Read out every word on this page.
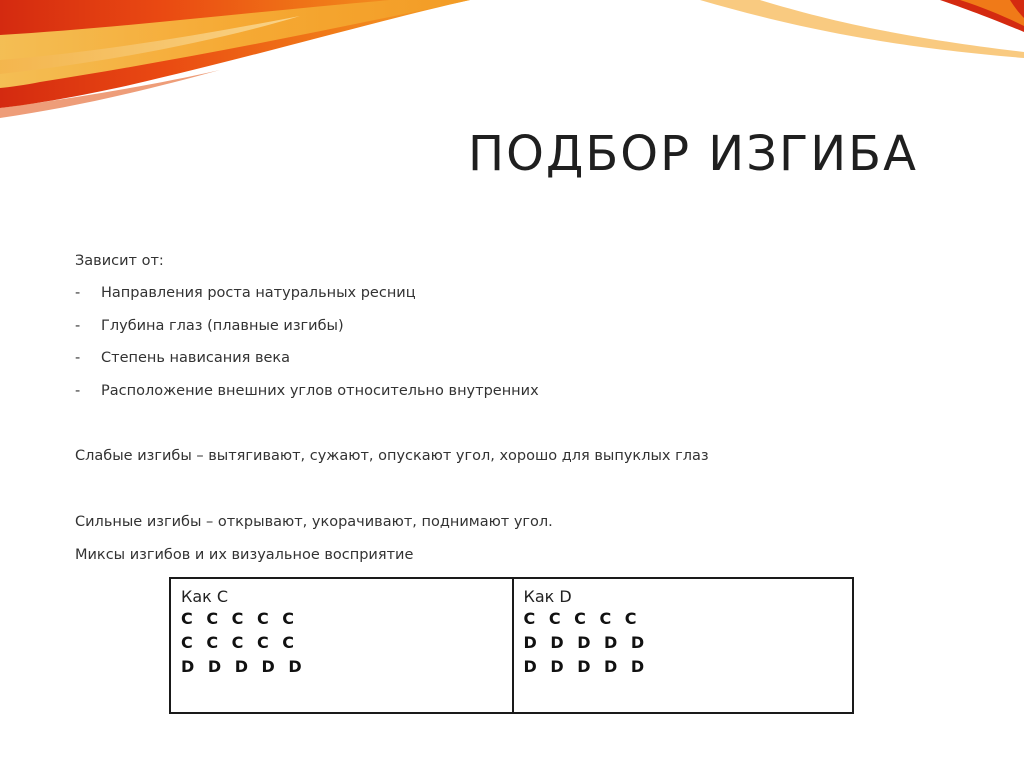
ПОДБОР ИЗГИБА
Зависит от:
- Направления роста натуральных ресниц
- Глубина глаз (плавные изгибы)
- Степень нависания века
- Расположение внешних углов относительно внутренних
Слабые изгибы – вытягивают, сужают, опускают угол, хорошо для выпуклых глаз
Сильные изгибы – открывают, укорачивают, поднимают угол.
Миксы изгибов и их визуальное восприятие
Как C
C C C C C
C C C C C
D D D D D
Как D
C C C C C
D D D D D
D D D D D
